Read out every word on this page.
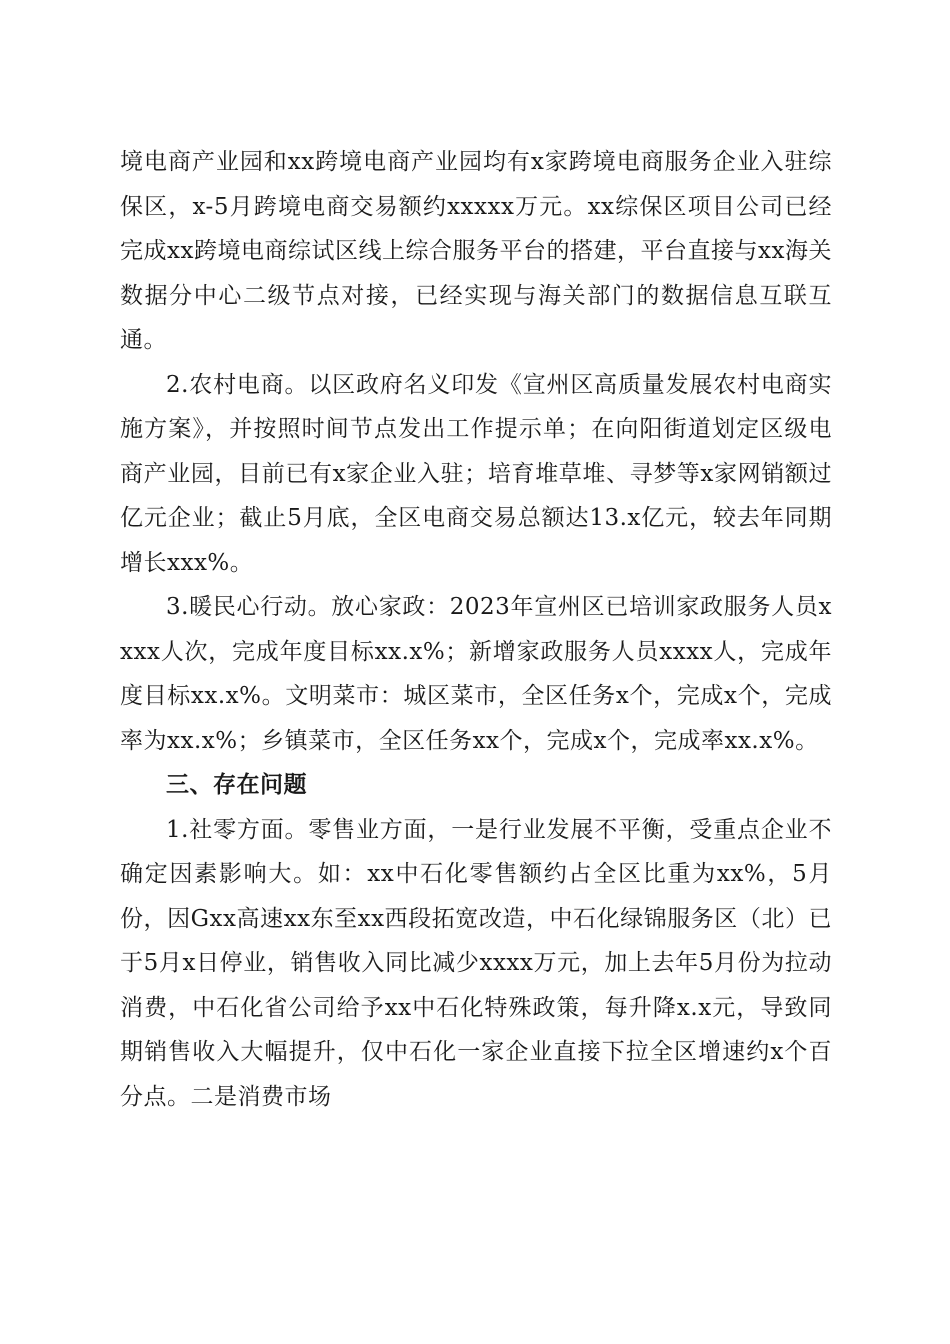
境电商产业园和xx跨境电商产业园均有x家跨境电商服务企业入驻综保区，x-5月跨境电商交易额约xxxxx万元。xx综保区项目公司已经完成xx跨境电商综试区线上综合服务平台的搭建，平台直接与xx海关数据分中心二级节点对接，已经实现与海关部门的数据信息互联互通。

2.农村电商。以区政府名义印发《宣州区高质量发展农村电商实施方案》，并按照时间节点发出工作提示单；在向阳街道划定区级电商产业园，目前已有x家企业入驻；培育堆草堆、寻梦等x家网销额过亿元企业；截止5月底，全区电商交易总额达13.x亿元，较去年同期增长xxx%。

3.暖民心行动。放心家政：2023年宣州区已培训家政服务人员xxxx人次，完成年度目标xx.x%；新增家政服务人员xxxx人，完成年度目标xx.x%。文明菜市：城区菜市，全区任务x个，完成x个，完成率为xx.x%；乡镇菜市，全区任务xx个，完成x个，完成率xx.x%。

三、存在问题

1.社零方面。零售业方面，一是行业发展不平衡，受重点企业不确定因素影响大。如：xx中石化零售额约占全区比重为xx%，5月份，因Gxx高速xx东至xx西段拓宽改造，中石化绿锦服务区（北）已于5月x日停业，销售收入同比减少xxxx万元，加上去年5月份为拉动消费，中石化省公司给予xx中石化特殊政策，每升降x.x元，导致同期销售收入大幅提升，仅中石化一家企业直接下拉全区增速约x个百分点。二是消费市场
